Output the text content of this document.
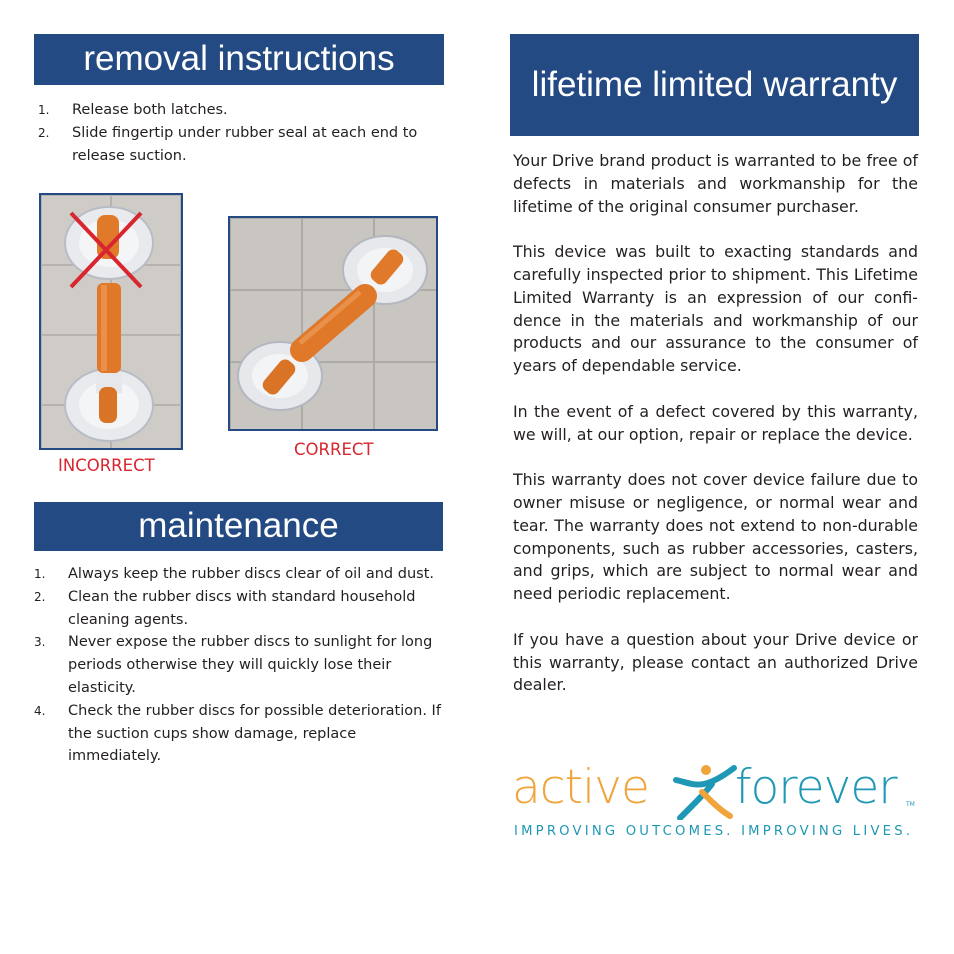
removal instructions
1. Release both latches.
2. Slide fingertip under rubber seal at each end to release suction.
INCORRECT
CORRECT
maintenance
1. Always keep the rubber discs clear of oil and dust.
2. Clean the rubber discs with standard household cleaning agents.
3. Never expose the rubber discs to sunlight for long periods otherwise they will quickly lose their elasticity.
4. Check the rubber discs for possible deterioration. If the suction cups show damage, replace immediately.
lifetime limited warranty

Your Drive brand product is warranted to be free of defects in materials and workmanship for the lifetime of the original consumer purchaser.

This device was built to exacting standards and carefully inspected prior to shipment. This Lifetime Limited Warranty is an expression of our confi-dence in the materials and workmanship of our products and our assurance to the consumer of years of dependable service.

In the event of a defect covered by this warranty, we will, at our option, repair or replace the device.

This warranty does not cover device failure due to owner misuse or negligence, or normal wear and tear. The warranty does not extend to non-durable components, such as rubber accessories, casters, and grips, which are subject to normal wear and need periodic replacement.

If you have a question about your Drive device or this warranty, please contact an authorized Drive dealer.

active forever TM
IMPROVING OUTCOMES. IMPROVING LIVES.
